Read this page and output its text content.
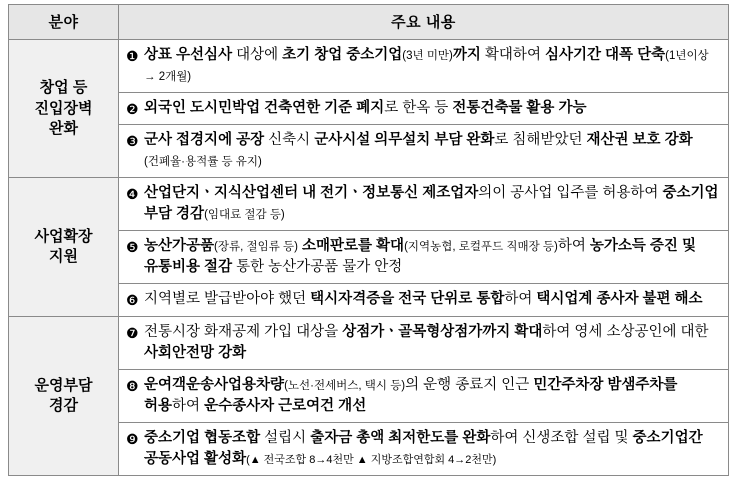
분야	주요 내용

창업 등
진입장벽
완화

❶ 상표 우선심사 대상에 초기 창업 중소기업(3년 미만)까지 확대하여 심사기간 대폭 단축(1년이상 → 2개월)
❷ 외국인 도시민박업 건축연한 기준 폐지로 한옥 등 전통건축물 활용 가능
❸ 군사 접경지에 공장 신축시 군사시설 의무설치 부담 완화로 침해받았던 재산권 보호 강화(건폐율·용적률 등 유지)

사업확장
지원

❹ 산업단지ㆍ지식산업센터 내 전기ㆍ정보통신 제조업자의이 공사업 입주를 허용하여 중소기업 부담 경감(임대료 절감 등)
❺ 농산가공품(장류, 절임류 등) 소매판로를 확대(지역농협, 로컬푸드 직매장 등)하여 농가소득 증진 및 유통비용 절감 통한 농산가공품 물가 안정
❻ 지역별로 발급받아야 했던 택시자격증을 전국 단위로 통합하여 택시업계 종사자 불편 해소

운영부담
경감

❼ 전통시장 화재공제 가입 대상을 상점가ㆍ골목형상점가까지 확대하여 영세 소상공인에 대한 사회안전망 강화
❽ 운여객운송사업용차량(노선·전세버스, 택시 등)의 운행 종료지 인근 민간주차장 밤샘주차를 허용하여 운수종사자 근로여건 개선
❾ 중소기업 협동조합 설립시 출자금 총액 최저한도를 완화하여 신생조합 설립 및 중소기업간 공동사업 활성화(▲ 전국조합 8→4천만 ▲ 지방조합연합회 4→2천만)
